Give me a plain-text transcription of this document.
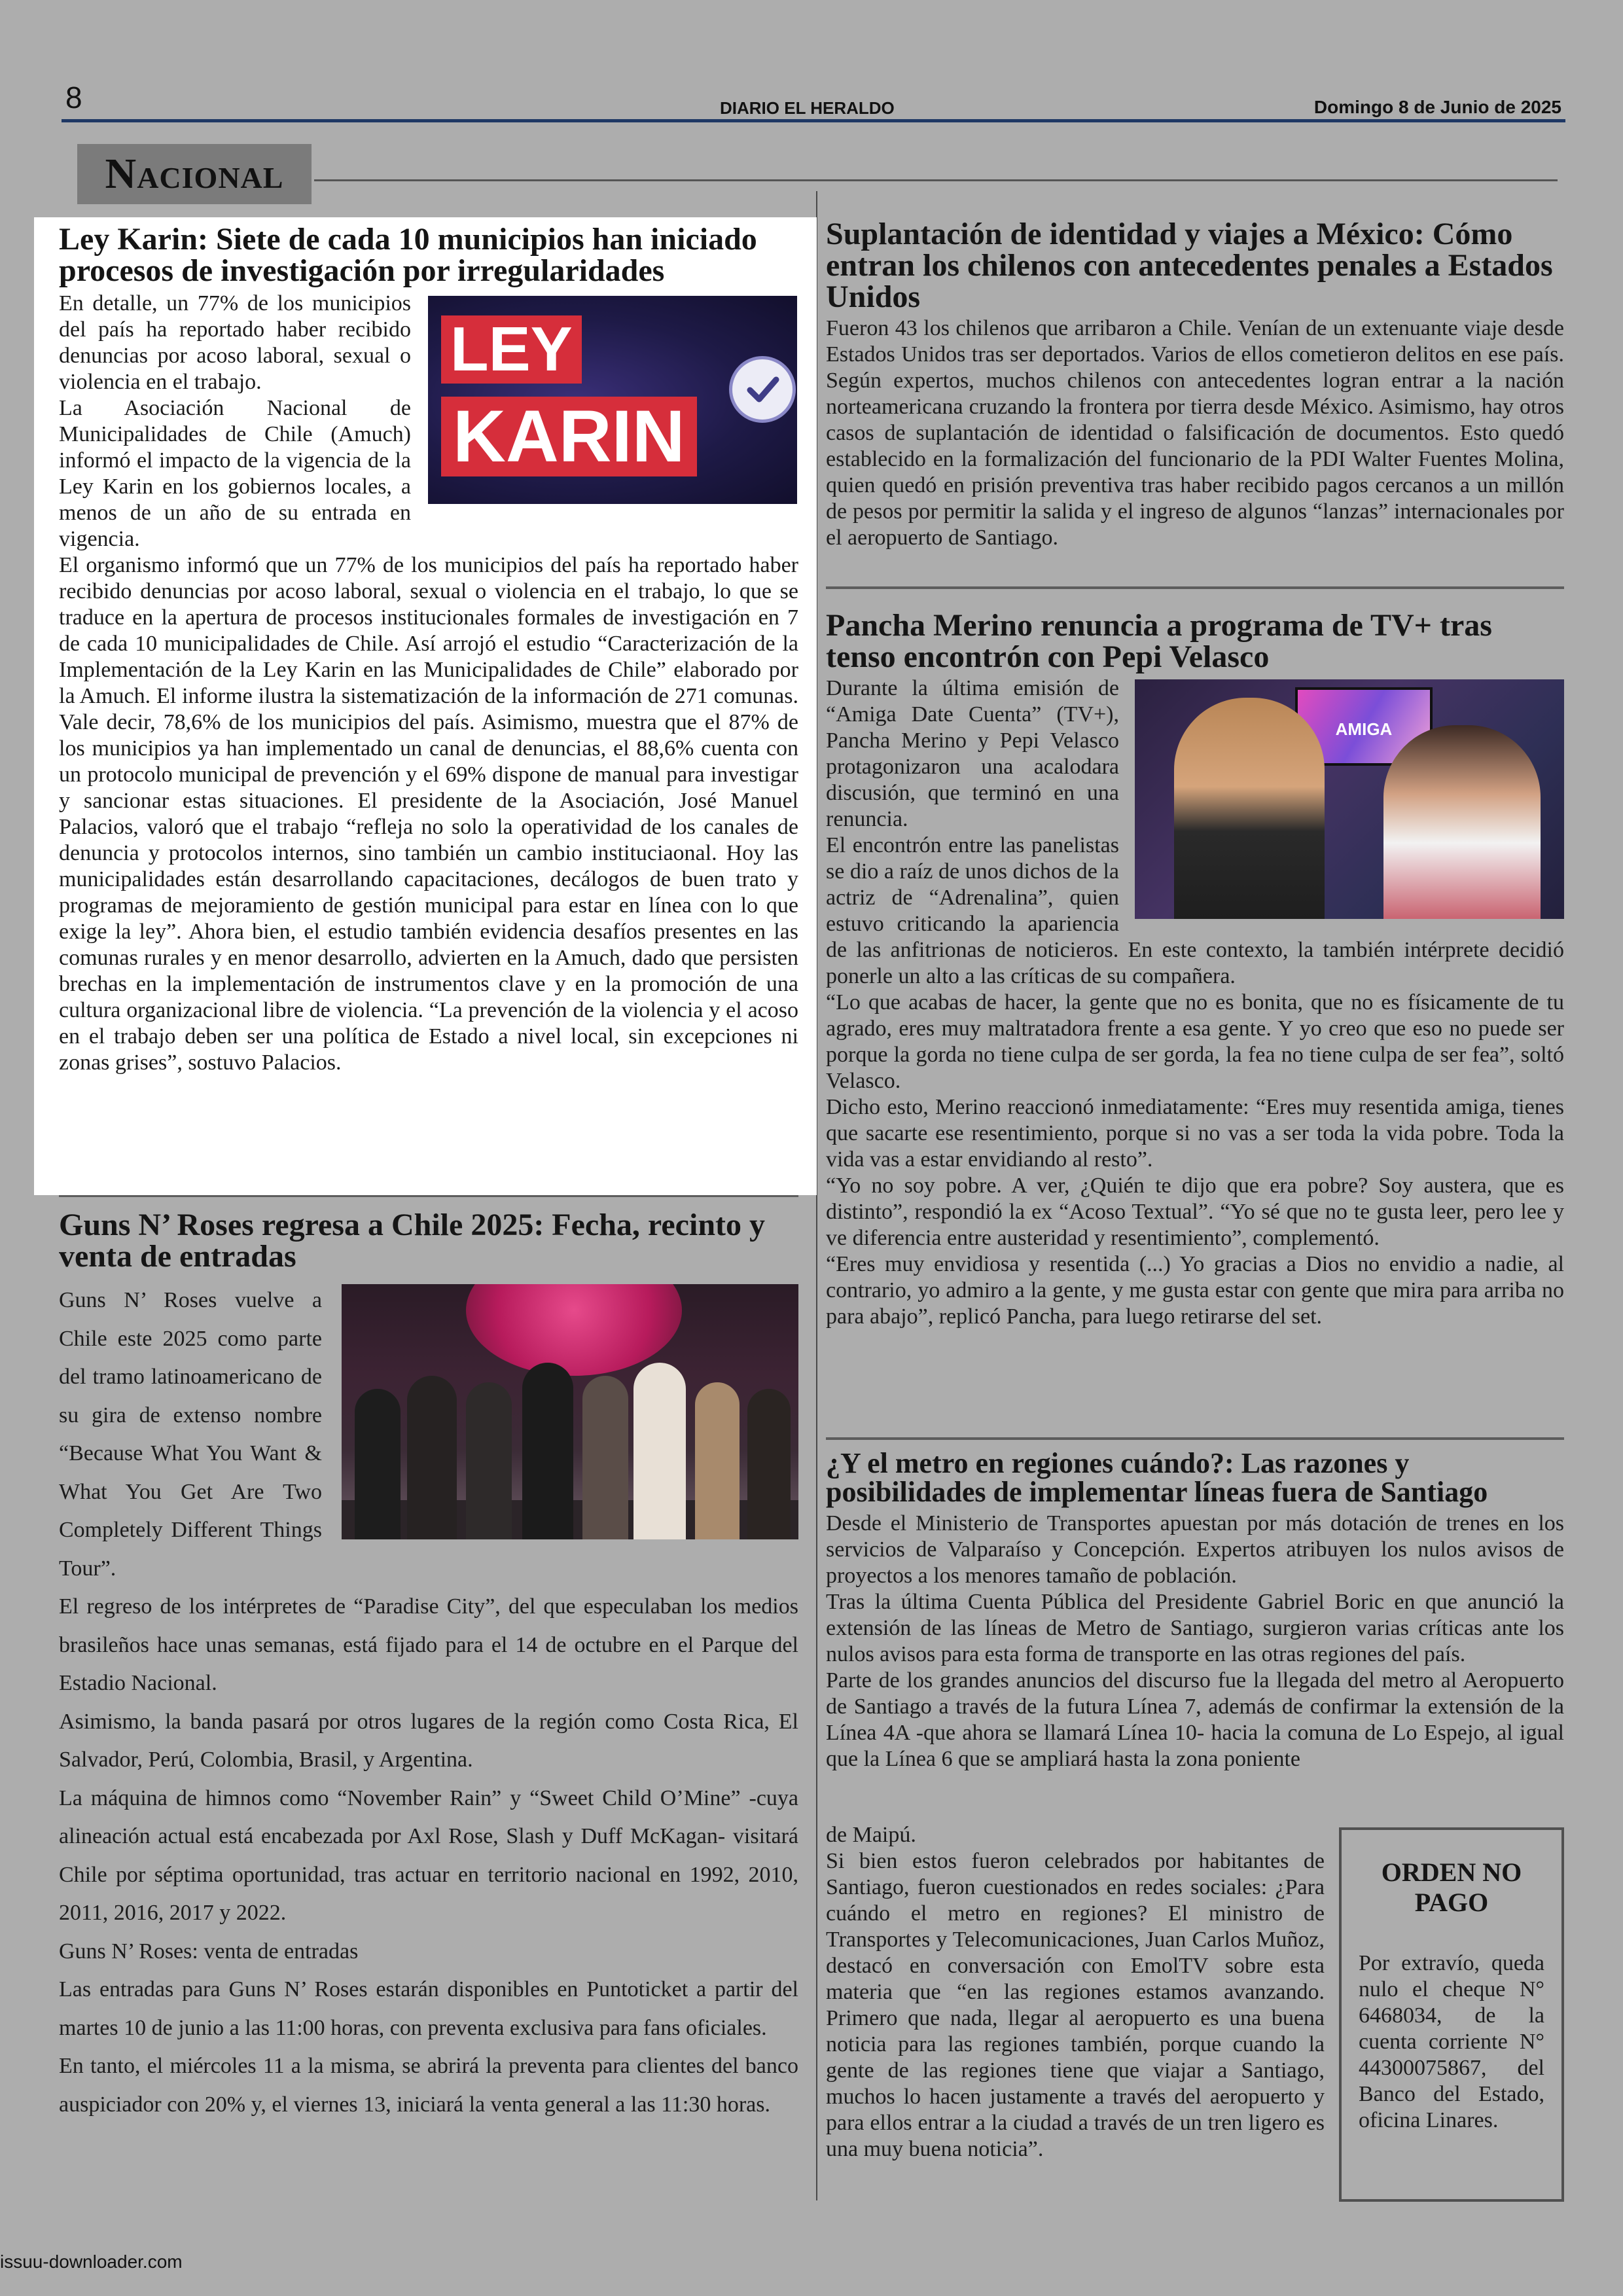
8	DIARIO EL HERALDO	Domingo 8 de Junio de 2025
Nacional
Ley Karin: Siete de cada 10 municipios han iniciado procesos de investigación por irregularidades
LEY
KARIN

En detalle, un 77% de los municipios del país ha reportado haber recibido denuncias por acoso laboral, sexual o violencia en el trabajo.

La Asociación Nacional de Municipalidades de Chile (Amuch) informó el impacto de la vigencia de la Ley Karin en los gobiernos locales, a menos de un año de su entrada en vigencia.

El organismo informó que un 77% de los municipios del país ha reportado haber recibido denuncias por acoso laboral, sexual o violencia en el trabajo, lo que se traduce en la apertura de procesos institucionales formales de investigación en 7 de cada 10 municipalidades de Chile. Así arrojó el estudio “Caracterización de la Implementación de la Ley Karin en las Municipalidades de Chile” elaborado por la Amuch. El informe ilustra la sistematización de la información de 271 comunas. Vale decir, 78,6% de los municipios del país. Asimismo, muestra que el 87% de los municipios ya han implementado un canal de denuncias, el 88,6% cuenta con un protocolo municipal de prevención y el 69% dispone de manual para investigar y sancionar estas situaciones. El presidente de la Asociación, José Manuel Palacios, valoró que el trabajo “refleja no solo la operatividad de los canales de denuncia y protocolos internos, sino también un cambio instituciaonal. Hoy las municipalidades están desarrollando capacitaciones, decálogos de buen trato y programas de mejoramiento de gestión municipal para estar en línea con lo que exige la ley”. Ahora bien, el estudio también evidencia desafíos presentes en las comunas rurales y en menor desarrollo, advierten en la Amuch, dado que persisten brechas en la implementación de instrumentos clave y en la promoción de una cultura organizacional libre de violencia. “La prevención de la violencia y el acoso en el trabajo deben ser una política de Estado a nivel local, sin excepciones ni zonas grises”, sostuvo Palacios.

Guns N’ Roses regresa a Chile 2025: Fecha, recinto y venta de entradas

Guns N’ Roses vuelve a Chile este 2025 como parte del tramo latinoamericano de su gira de extenso nombre “Because What You Want & What You Get Are Two Completely Different Things Tour”.

El regreso de los intérpretes de “Paradise City”, del que especulaban los medios brasileños hace unas semanas, está fijado para el 14 de octubre en el Parque del Estadio Nacional.

Asimismo, la banda pasará por otros lugares de la región como Costa Rica, El Salvador, Perú, Colombia, Brasil, y Argentina.

La máquina de himnos como “November Rain” y “Sweet Child O’Mine” -cuya alineación actual está encabezada por Axl Rose, Slash y Duff McKagan- visitará Chile por séptima oportunidad, tras actuar en territorio nacional en 1992, 2010, 2011, 2016, 2017 y 2022.

Guns N’ Roses: venta de entradas

Las entradas para Guns N’ Roses estarán disponibles en Puntoticket a partir del martes 10 de junio a las 11:00 horas, con preventa exclusiva para fans oficiales.

En tanto, el miércoles 11 a la misma, se abrirá la preventa para clientes del banco auspiciador con 20% y, el viernes 13, iniciará la venta general a las 11:30 horas.

Suplantación de identidad y viajes a México: Cómo entran los chilenos con antecedentes penales a Estados Unidos

Fueron 43 los chilenos que arribaron a Chile. Venían de un extenuante viaje desde Estados Unidos tras ser deportados. Varios de ellos cometieron delitos en ese país. Según expertos, muchos chilenos con antecedentes logran entrar a la nación norteamericana cruzando la frontera por tierra desde México. Asimismo, hay otros casos de suplantación de identidad o falsificación de documentos. Esto quedó establecido en la formalización del funcionario de la PDI Walter Fuentes Molina, quien quedó en prisión preventiva tras haber recibido pagos cercanos a un millón de pesos por permitir la salida y el ingreso de algunos “lanzas” internacionales por el aeropuerto de Santiago.

Pancha Merino renuncia a programa de TV+ tras tenso encontrón con Pepi Velasco
AMIGA

Durante la última emisión de “Amiga Date Cuenta” (TV+), Pancha Merino y Pepi Velasco protagonizaron una acalodara discusión, que terminó en una renuncia.

El encontrón entre las panelistas se dio a raíz de unos dichos de la actriz de “Adrenalina”, quien estuvo criticando la apariencia de las anfitrionas de noticieros. En este contexto, la también intérprete decidió ponerle un alto a las críticas de su compañera.

“Lo que acabas de hacer, la gente que no es bonita, que no es físicamente de tu agrado, eres muy maltratadora frente a esa gente. Y yo creo que eso no puede ser porque la gorda no tiene culpa de ser gorda, la fea no tiene culpa de ser fea”, soltó Velasco.

Dicho esto, Merino reaccionó inmediatamente: “Eres muy resentida amiga, tienes que sacarte ese resentimiento, porque si no vas a ser toda la vida pobre. Toda la vida vas a estar envidiando al resto”.

“Yo no soy pobre. A ver, ¿Quién te dijo que era pobre? Soy austera, que es distinto”, respondió la ex “Acoso Textual”. “Yo sé que no te gusta leer, pero lee y ve diferencia entre austeridad y resentimiento”, complementó.

“Eres muy envidiosa y resentida (...) Yo gracias a Dios no envidio a nadie, al contrario, yo admiro a la gente, y me gusta estar con gente que mira para arriba no para abajo”, replicó Pancha, para luego retirarse del set.

¿Y el metro en regiones cuándo?: Las razones y posibilidades de implementar líneas fuera de Santiago

Desde el Ministerio de Transportes apuestan por más dotación de trenes en los servicios de Valparaíso y Concepción. Expertos atribuyen los nulos avisos de proyectos a los menores tamaño de población.

Tras la última Cuenta Pública del Presidente Gabriel Boric en que anunció la extensión de las líneas de Metro de Santiago, surgieron varias críticas ante los nulos avisos para esta forma de transporte en las otras regiones del país.

Parte de los grandes anuncios del discurso fue la llegada del metro al Aeropuerto de Santiago a través de la futura Línea 7, además de confirmar la extensión de la Línea 4A -que ahora se llamará Línea 10- hacia la comuna de Lo Espejo, al igual que la Línea 6 que se ampliará hasta la zona poniente

de Maipú.

Si bien estos fueron celebrados por habitantes de Santiago, fueron cuestionados en redes sociales: ¿Para cuándo el metro en regiones? El ministro de Transportes y Telecomunicaciones, Juan Carlos Muñoz, destacó en conversación con EmolTV sobre esta materia que “en las regiones estamos avanzando. Primero que nada, llegar al aeropuerto es una buena noticia para las regiones también, porque cuando la gente de las regiones tiene que viajar a Santiago, muchos lo hacen justamente a través del aeropuerto y para ellos entrar a la ciudad a través de un tren ligero es una muy buena noticia”.

ORDEN NO PAGO
Por extravío, queda nulo el cheque N° 6468034, de la cuenta corriente N° 44300075867, del Banco del Estado, oficina Linares.
issuu-downloader.com
